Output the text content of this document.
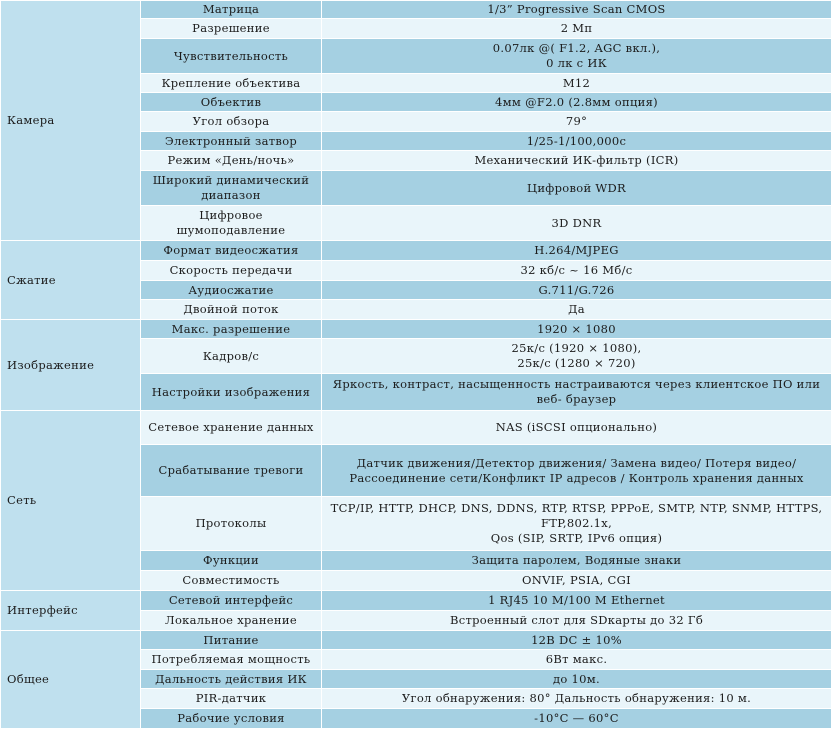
Камера	Матрица	1/3” Progressive Scan CMOS
	Разрешение	2 Мп
	Чувствительность	0.07лк @( F1.2, AGC вкл.),
0 лк с ИК
	Крепление объектива	M12
	Объектив	4мм @F2.0 (2.8мм опция)
	Угол обзора	79°
	Электронный затвор	1/25-1/100,000с
	Режим «День/ночь»	Механический ИК-фильтр (ICR)
	Широкий динамический диапазон	Цифровой WDR
	Цифровое шумоподавление	3D DNR
Сжатие	Формат видеосжатия	H.264/MJPEG
	Скорость передачи	32 кб/с ~ 16 Мб/с
	Аудиосжатие	G.711/G.726
	Двойной поток	Да
Изображение	Макс. разрешение	1920 × 1080
	Кадров/с	25к/с (1920 × 1080),
25к/с (1280 × 720)
	Настройки изображения	Яркость, контраст, насыщенность настраиваются через клиентское ПО или веб- браузер
Сеть	Сетевое хранение данных	NAS (iSCSI опционально)
	Срабатывание тревоги	Датчик движения/Детектор движения/ Замена видео/ Потеря видео/ Рассоединение сети/Конфликт IP адресов / Контроль хранения данных
	Протоколы	TCP/IP, HTTP, DHCP, DNS, DDNS, RTP, RTSP, PPPoE, SMTP, NTP, SNMP, HTTPS, FTP,802.1x,
Qos (SIP, SRTP, IPv6 опция)
	Функции	Защита паролем, Водяные знаки
	Совместимость	ONVIF, PSIA, CGI
Интерфейс	Сетевой интерфейс	1 RJ45 10 M/100 M Ethernet
	Локальное хранение	Встроенный слот для SDкарты до 32 Гб
Общее	Питание	12В DC ± 10%
	Потребляемая мощность	6Вт макс.
	Дальность действия ИК	до 10м.
	PIR-датчик	Угол обнаружения: 80° Дальность обнаружения: 10 м.
	Рабочие условия	-10°C — 60°C
